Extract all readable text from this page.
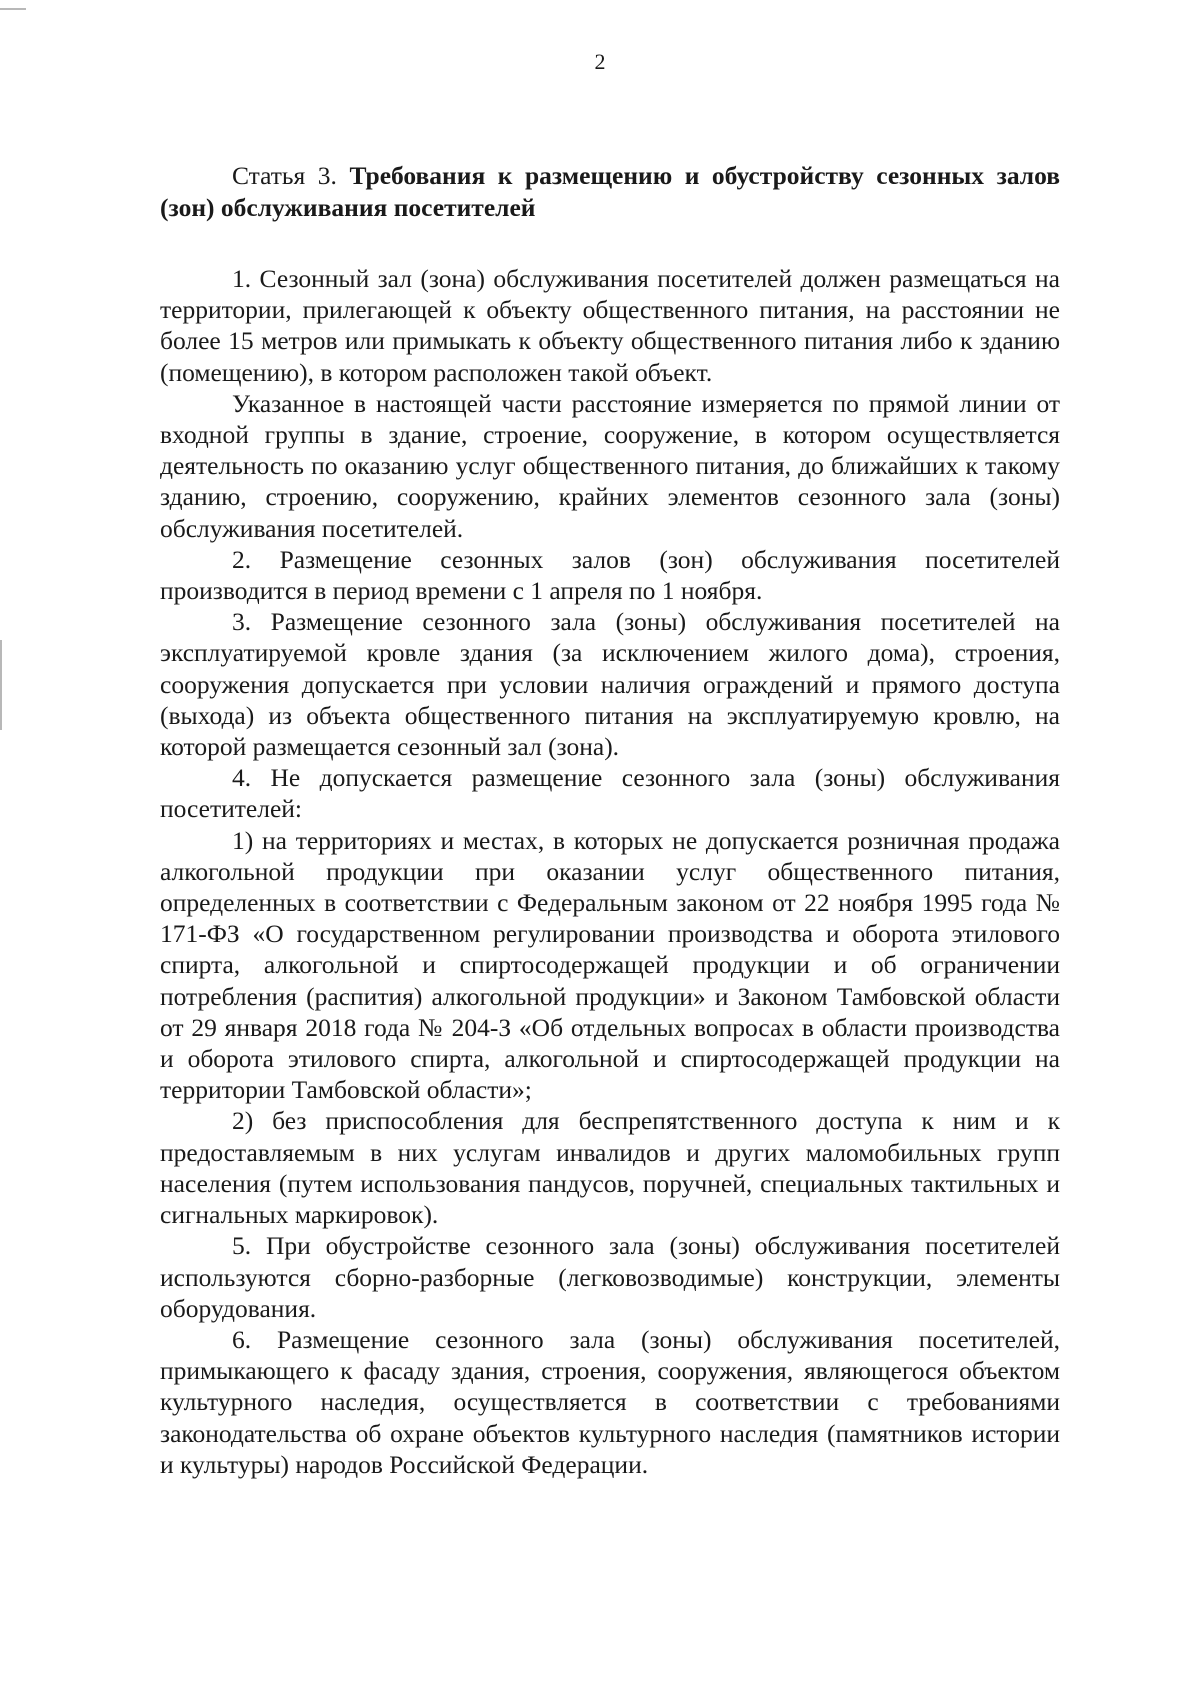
2
Статья 3. Требования к размещению и обустройству сезонных залов (зон) обслуживания посетителей

1. Сезонный зал (зона) обслуживания посетителей должен размещаться на территории, прилегающей к объекту общественного питания, на расстоянии не более 15 метров или примыкать к объекту общественного питания либо к зданию (помещению), в котором расположен такой объект.

Указанное в настоящей части расстояние измеряется по прямой линии от входной группы в здание, строение, сооружение, в котором осуществляется деятельность по оказанию услуг общественного питания, до ближайших к такому зданию, строению, сооружению, крайних элементов сезонного зала (зоны) обслуживания посетителей.

2. Размещение сезонных залов (зон) обслуживания посетителей производится в период времени с 1 апреля по 1 ноября.

3. Размещение сезонного зала (зоны) обслуживания посетителей на эксплуатируемой кровле здания (за исключением жилого дома), строения, сооружения допускается при условии наличия ограждений и прямого доступа (выхода) из объекта общественного питания на эксплуатируемую кровлю, на которой размещается сезонный зал (зона).

4. Не допускается размещение сезонного зала (зоны) обслуживания посетителей:

1) на территориях и местах, в которых не допускается розничная продажа алкогольной продукции при оказании услуг общественного питания, определенных в соответствии с Федеральным законом от 22 ноября 1995 года № 171-ФЗ «О государственном регулировании производства и оборота этилового спирта, алкогольной и спиртосодержащей продукции и об ограничении потребления (распития) алкогольной продукции» и Законом Тамбовской области от 29 января 2018 года № 204-З «Об отдельных вопросах в области производства и оборота этилового спирта, алкогольной и спиртосодержащей продукции на территории Тамбовской области»;

2) без приспособления для беспрепятственного доступа к ним и к предоставляемым в них услугам инвалидов и других маломобильных групп населения (путем использования пандусов, поручней, специальных тактильных и сигнальных маркировок).

5. При обустройстве сезонного зала (зоны) обслуживания посетителей используются сборно-разборные (легковозводимые) конструкции, элементы оборудования.

6. Размещение сезонного зала (зоны) обслуживания посетителей, примыкающего к фасаду здания, строения, сооружения, являющегося объектом культурного наследия, осуществляется в соответствии с требованиями законодательства об охране объектов культурного наследия (памятников истории и культуры) народов Российской Федерации.
